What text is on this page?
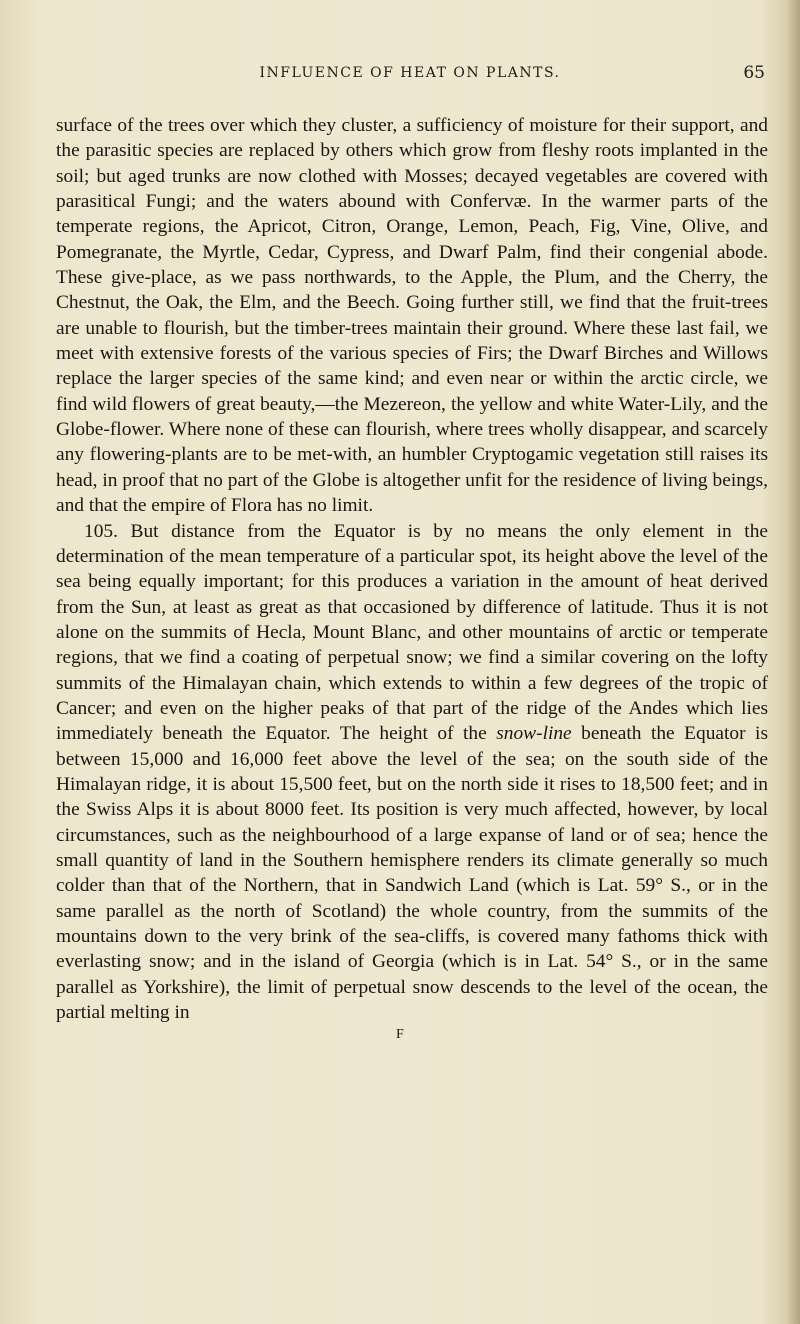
INFLUENCE OF HEAT ON PLANTS.	65

surface of the trees over which they cluster, a sufficiency of moisture for their support, and the parasitic species are replaced by others which grow from fleshy roots implanted in the soil; but aged trunks are now clothed with Mosses; decayed vegetables are covered with parasitical Fungi; and the waters abound with Confervæ. In the warmer parts of the temperate regions, the Apricot, Citron, Orange, Lemon, Peach, Fig, Vine, Olive, and Pomegranate, the Myrtle, Cedar, Cypress, and Dwarf Palm, find their congenial abode. These give-place, as we pass northwards, to the Apple, the Plum, and the Cherry, the Chestnut, the Oak, the Elm, and the Beech. Going further still, we find that the fruit-trees are unable to flourish, but the timber-trees maintain their ground. Where these last fail, we meet with extensive forests of the various species of Firs; the Dwarf Birches and Willows replace the larger species of the same kind; and even near or within the arctic circle, we find wild flowers of great beauty,—the Mezereon, the yellow and white Water-Lily, and the Globe-flower. Where none of these can flourish, where trees wholly disappear, and scarcely any flowering-plants are to be met-with, an humbler Cryptogamic vegetation still raises its head, in proof that no part of the Globe is altogether unfit for the residence of living beings, and that the empire of Flora has no limit.

105. But distance from the Equator is by no means the only element in the determination of the mean temperature of a particular spot, its height above the level of the sea being equally important; for this produces a variation in the amount of heat derived from the Sun, at least as great as that occasioned by difference of latitude. Thus it is not alone on the summits of Hecla, Mount Blanc, and other mountains of arctic or temperate regions, that we find a coating of perpetual snow; we find a similar covering on the lofty summits of the Himalayan chain, which extends to within a few degrees of the tropic of Cancer; and even on the higher peaks of that part of the ridge of the Andes which lies immediately beneath the Equator. The height of the snow-line beneath the Equator is between 15,000 and 16,000 feet above the level of the sea; on the south side of the Himalayan ridge, it is about 15,500 feet, but on the north side it rises to 18,500 feet; and in the Swiss Alps it is about 8000 feet. Its position is very much affected, however, by local circumstances, such as the neighbourhood of a large expanse of land or of sea; hence the small quantity of land in the Southern hemisphere renders its climate generally so much colder than that of the Northern, that in Sandwich Land (which is Lat. 59° S., or in the same parallel as the north of Scotland) the whole country, from the summits of the mountains down to the very brink of the sea-cliffs, is covered many fathoms thick with everlasting snow; and in the island of Georgia (which is in Lat. 54° S., or in the same parallel as Yorkshire), the limit of perpetual snow descends to the level of the ocean, the partial melting in

F
